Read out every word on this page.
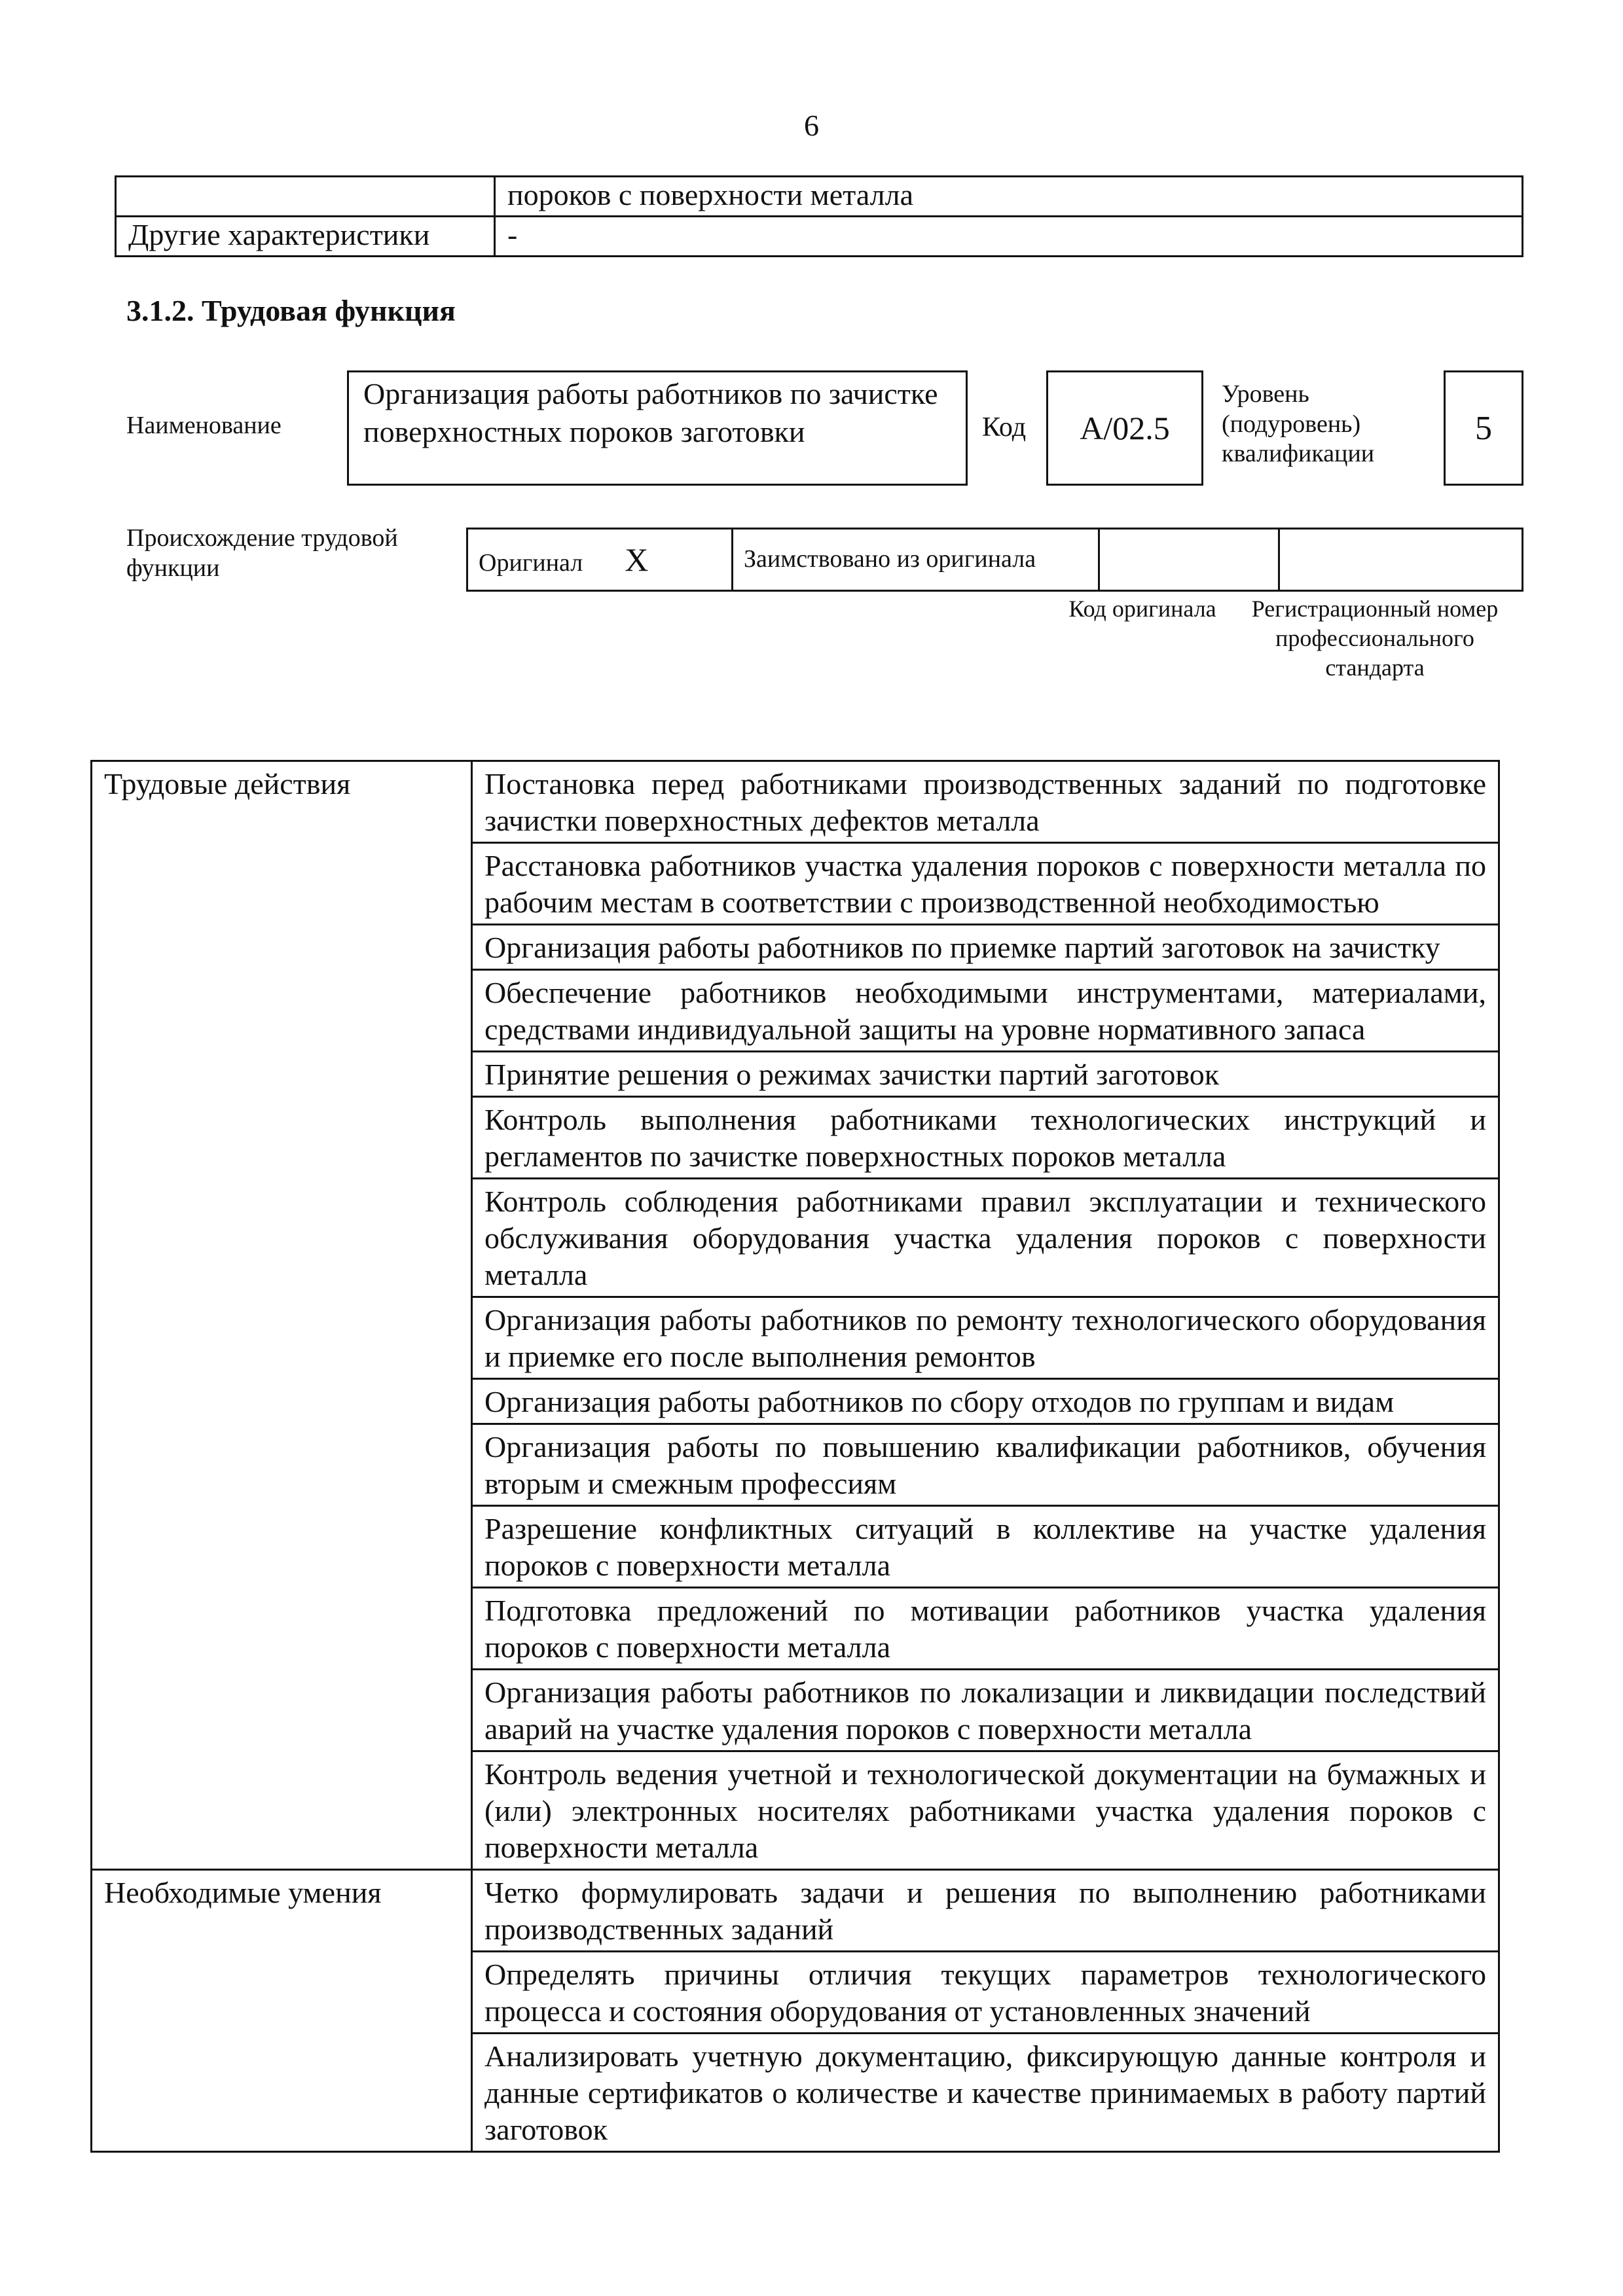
6
	пороков с поверхности металла
Другие характеристики	-
3.1.2. Трудовая функция
Наименование
Организация работы работников по зачистке поверхностных пороков заготовки	Код	А/02.5
Уровень (подуровень) квалификации
5
Происхождение трудовой функции	Оригинал X	Заимствовано из оригинала		
Код оригинала	Регистрационный номер профессионального стандарта
Трудовые действия	Постановка перед работниками производственных заданий по подготовке зачистки поверхностных дефектов металла
	Расстановка работников участка удаления пороков с поверхности металла по рабочим местам в соответствии с производственной необходимостью
	Организация работы работников по приемке партий заготовок на зачистку
	Обеспечение работников необходимыми инструментами, материалами, средствами индивидуальной защиты на уровне нормативного запаса
	Принятие решения о режимах зачистки партий заготовок
	Контроль выполнения работниками технологических инструкций и регламентов по зачистке поверхностных пороков металла
	Контроль соблюдения работниками правил эксплуатации и технического обслуживания оборудования участка удаления пороков с поверхности металла
	Организация работы работников по ремонту технологического оборудования и приемке его после выполнения ремонтов
	Организация работы работников по сбору отходов по группам и видам
	Организация работы по повышению квалификации работников, обучения вторым и смежным профессиям
	Разрешение конфликтных ситуаций в коллективе на участке удаления пороков с поверхности металла
	Подготовка предложений по мотивации работников участка удаления пороков с поверхности металла
	Организация работы работников по локализации и ликвидации последствий аварий на участке удаления пороков с поверхности металла
	Контроль ведения учетной и технологической документации на бумажных и (или) электронных носителях работниками участка удаления пороков с поверхности металла
Необходимые умения	Четко формулировать задачи и решения по выполнению работниками производственных заданий
	Определять причины отличия текущих параметров технологического процесса и состояния оборудования от установленных значений
	Анализировать учетную документацию, фиксирующую данные контроля и данные сертификатов о количестве и качестве принимаемых в работу партий заготовок
